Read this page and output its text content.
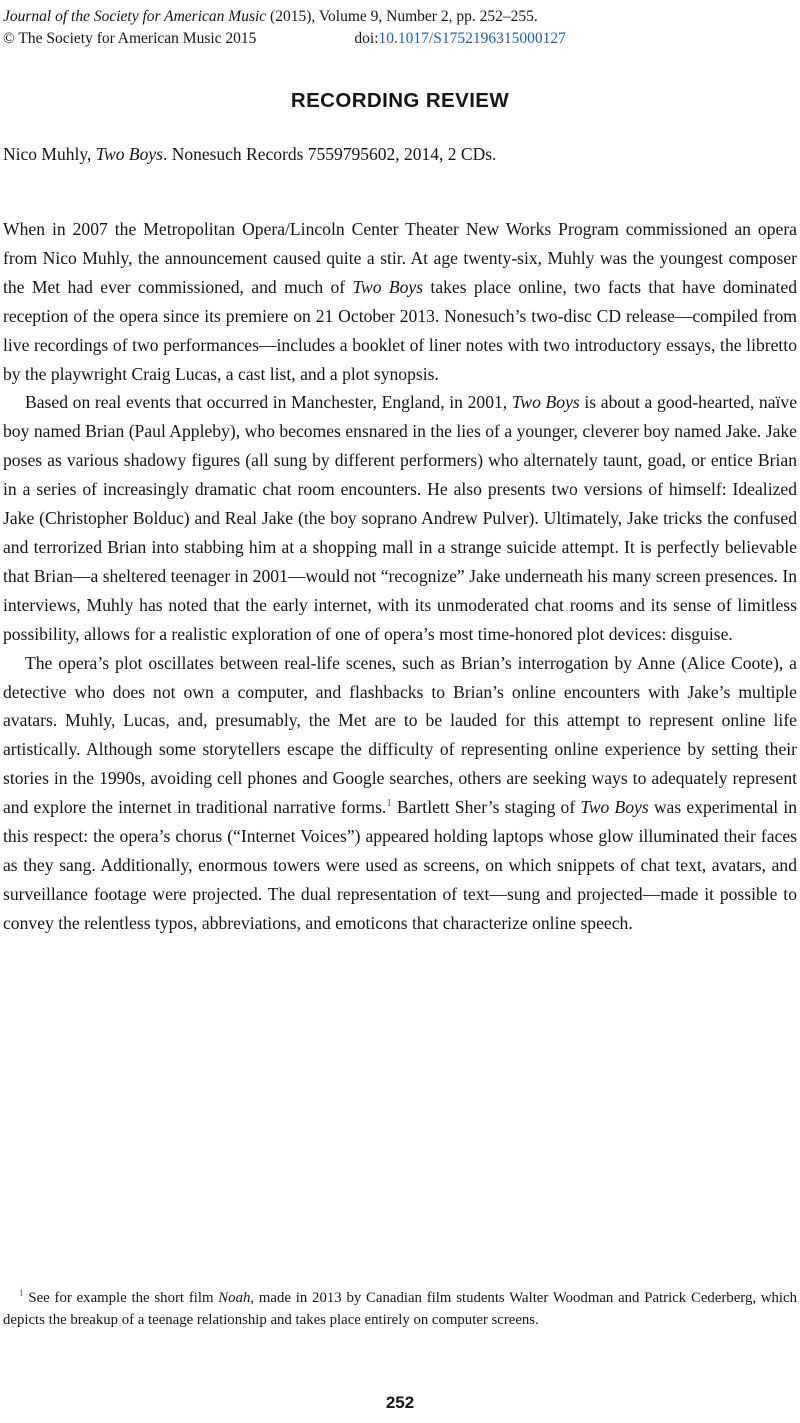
Journal of the Society for American Music (2015), Volume 9, Number 2, pp. 252–255.
© The Society for American Music 2015	doi:10.1017/S1752196315000127
RECORDING REVIEW

Nico Muhly, Two Boys. Nonesuch Records 7559795602, 2014, 2 CDs.

When in 2007 the Metropolitan Opera/Lincoln Center Theater New Works Program commissioned an opera from Nico Muhly, the announcement caused quite a stir. At age twenty-six, Muhly was the youngest composer the Met had ever commissioned, and much of Two Boys takes place online, two facts that have dominated reception of the opera since its premiere on 21 October 2013. Nonesuch’s two-disc CD release—compiled from live recordings of two performances—includes a booklet of liner notes with two introductory essays, the libretto by the playwright Craig Lucas, a cast list, and a plot synopsis.

Based on real events that occurred in Manchester, England, in 2001, Two Boys is about a good-hearted, naïve boy named Brian (Paul Appleby), who becomes ensnared in the lies of a younger, cleverer boy named Jake. Jake poses as various shadowy figures (all sung by different performers) who alternately taunt, goad, or entice Brian in a series of increasingly dramatic chat room encounters. He also presents two versions of himself: Idealized Jake (Christopher Bolduc) and Real Jake (the boy soprano Andrew Pulver). Ultimately, Jake tricks the confused and terrorized Brian into stabbing him at a shopping mall in a strange suicide attempt. It is perfectly believable that Brian—a sheltered teenager in 2001—would not “recognize” Jake underneath his many screen presences. In interviews, Muhly has noted that the early internet, with its unmoderated chat rooms and its sense of limitless possibility, allows for a realistic exploration of one of opera’s most time-honored plot devices: disguise.

The opera’s plot oscillates between real-life scenes, such as Brian’s interrogation by Anne (Alice Coote), a detective who does not own a computer, and flashbacks to Brian’s online encounters with Jake’s multiple avatars. Muhly, Lucas, and, presumably, the Met are to be lauded for this attempt to represent online life artistically. Although some storytellers escape the difficulty of representing online experience by setting their stories in the 1990s, avoiding cell phones and Google searches, others are seeking ways to adequately represent and explore the internet in traditional narrative forms.$^1$ Bartlett Sher’s staging of Two Boys was experimental in this respect: the opera’s chorus (“Internet Voices”) appeared holding laptops whose glow illuminated their faces as they sang. Additionally, enormous towers were used as screens, on which snippets of chat text, avatars, and surveillance footage were projected. The dual representation of text—sung and projected—made it possible to convey the relentless typos, abbreviations, and emoticons that characterize online speech.

$^1$ See for example the short film Noah, made in 2013 by Canadian film students Walter Woodman and Patrick Cederberg, which depicts the breakup of a teenage relationship and takes place entirely on computer screens.

252
